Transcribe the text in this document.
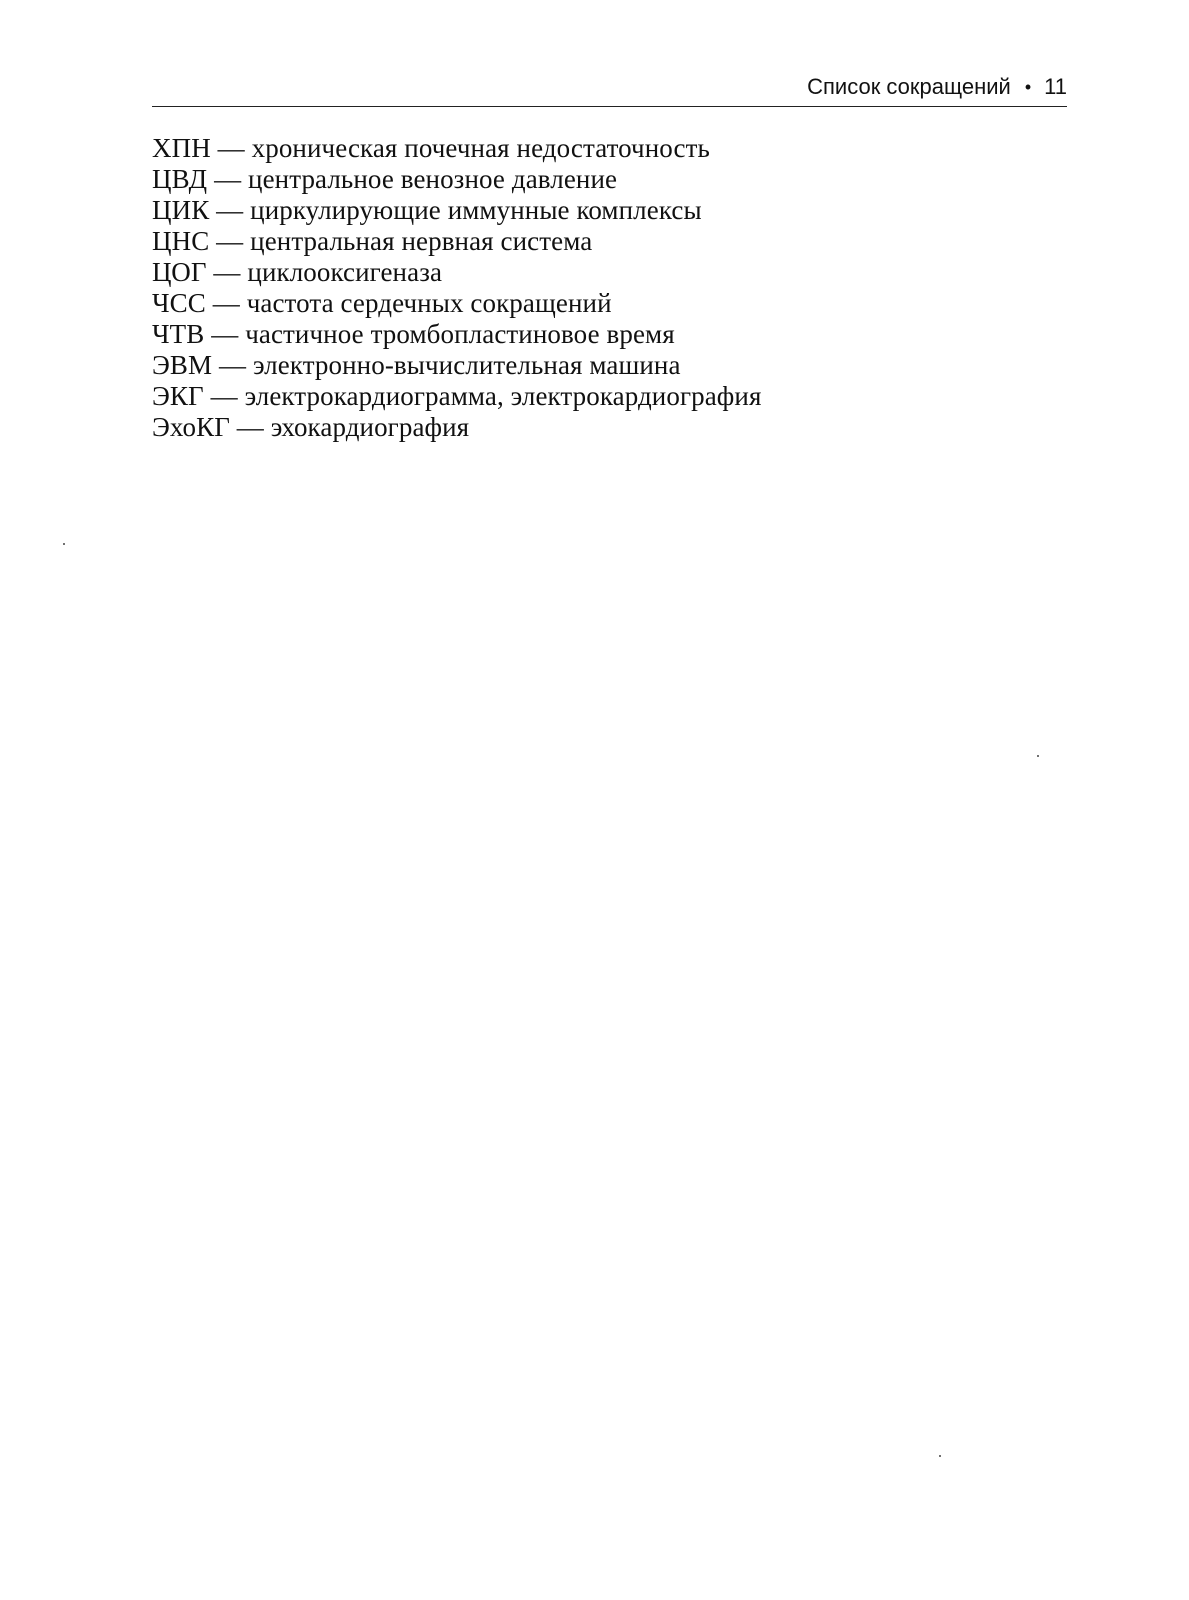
Список сокращений • 11
ХПН — хроническая почечная недостаточность
ЦВД — центральное венозное давление
ЦИК — циркулирующие иммунные комплексы
ЦНС — центральная нервная система
ЦОГ — циклооксигеназа
ЧСС — частота сердечных сокращений
ЧТВ — частичное тромбопластиновое время
ЭВМ — электронно-вычислительная машина
ЭКГ — электрокардиограмма, электрокардиография
ЭхоКГ — эхокардиография
